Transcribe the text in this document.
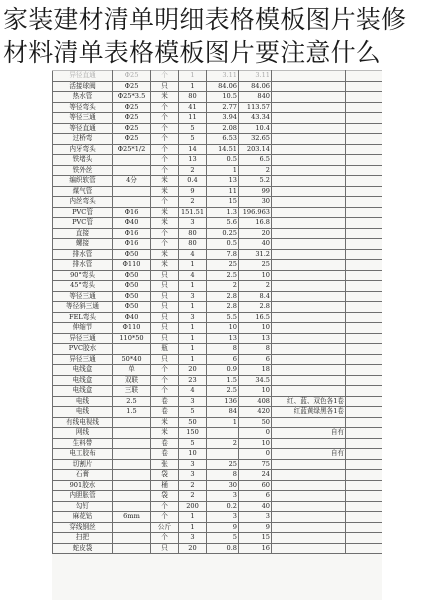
家装建材清单明细表格模板图片装修
材料清单表格模板图片要注意什么
异径直通	Φ25	个	1	3.11	3.11		
活接球阀	Φ25	只	1	84.06	84.06		
热水管	Φ25*3.5	米	80	10.5	840		
等径弯头	Φ25	个	41	2.77	113.57		
等径三通	Φ25	个	11	3.94	43.34		
等径直通	Φ25	个	5	2.08	10.4		
过桥弯	Φ25	个	5	6.53	32.65		
内牙弯头	Φ25*1/2	个	14	14.51	203.14		
铁堵头		个	13	0.5	6.5		
铁外丝		个	2	1	2		
编织软管	4分	米	0.4	13	5.2		
煤气管		米	9	11	99		
内丝弯头		个	2	15	30		
PVC管	Φ16	米	151.51	1.3	196.963		
PVC管	Φ40	米	3	5.6	16.8		
直接	Φ16	个	80	0.25	20		
螺接	Φ16	个	80	0.5	40		
排水管	Φ50	米	4	7.8	31.2		
排水管	Φ110	米	1	25	25		
90°弯头	Φ50	只	4	2.5	10		
45°弯头	Φ50	只	1	2	2		
等径三通	Φ50	只	3	2.8	8.4		
等径斜三通	Φ50	只	1	2.8	2.8		
FEL弯头	Φ40	只	3	5.5	16.5		
伸缩节	Φ110	只	1	10	10		
异径三通	110*50	只	1	13	13		
PVC胶水		瓶	1	8	8		
异径三通	50*40	只	1	6	6		
电线盒	单	个	20	0.9	18		
电线盒	双联	个	23	1.5	34.5		
电线盒	三联	个	4	2.5	10		
电线	2.5	卷	3	136	408	红、蓝、双色各1卷	
电线	1.5	卷	5	84	420	红蓝黄绿黑各1卷	
有线电视线		米	50	1	50		
网线		米	150		0	自有	
生料带		卷	5	2	10		
电工胶布		卷	10		0	自有	
切割片		张	3	25	75		
石膏		袋	3	8	24		
901胶水		桶	2	30	60		
内胆胀管		袋	2	3	6		
勾钉		个	200	0.2	40		
麻花钻	6mm	个	1	3	3		
穿线钢丝		公斤	1	9	9		
扫把		个	3	5	15		
蛇皮袋		只	20	0.8	16		
